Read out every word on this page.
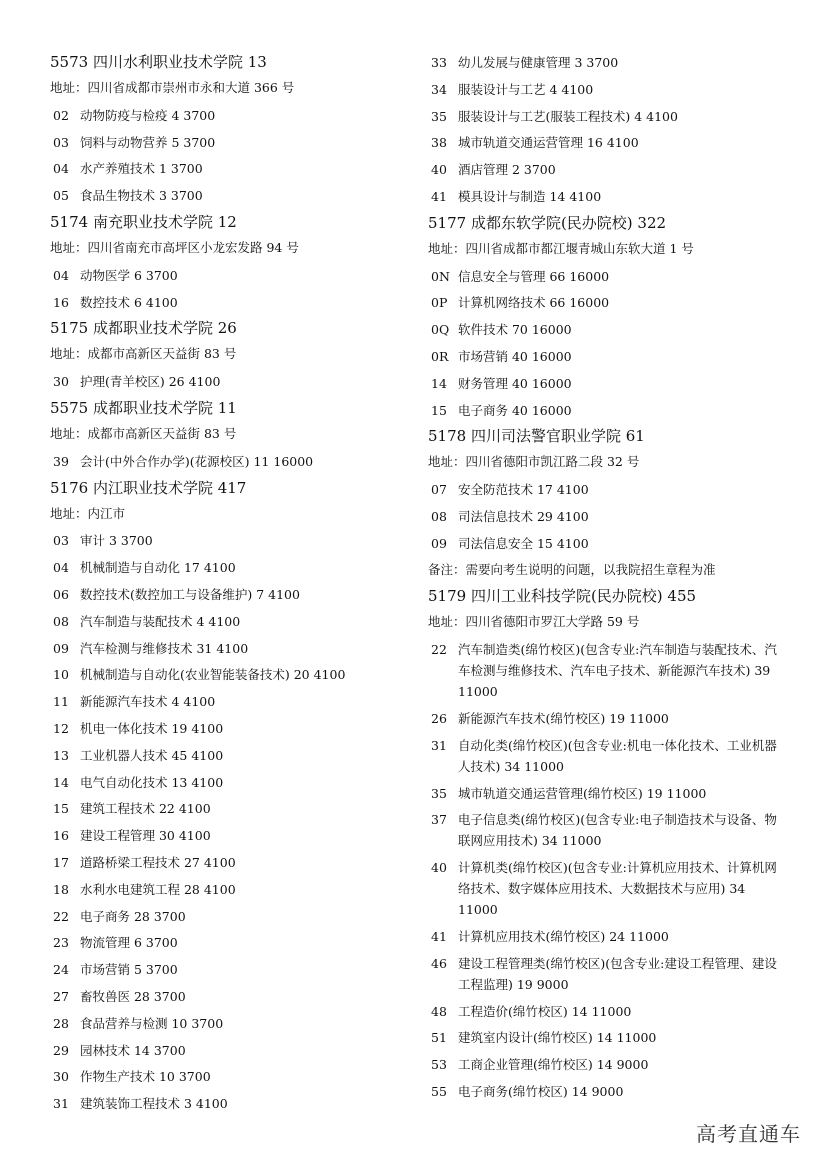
5573 四川水利职业技术学院 13
地址：四川省成都市崇州市永和大道 366 号
02 动物防疫与检疫 4 3700
03 饲料与动物营养 5 3700
04 水产养殖技术 1 3700
05 食品生物技术 3 3700
5174 南充职业技术学院 12
地址：四川省南充市高坪区小龙宏发路 94 号
04 动物医学 6 3700
16 数控技术 6 4100
5175 成都职业技术学院 26
地址：成都市高新区天益街 83 号
30 护理(青羊校区) 26 4100
5575 成都职业技术学院 11
地址：成都市高新区天益街 83 号
39 会计(中外合作办学)(花源校区) 11 16000
5176 内江职业技术学院 417
地址：内江市
03 审计 3 3700
04 机械制造与自动化 17 4100
06 数控技术(数控加工与设备维护) 7 4100
08 汽车制造与装配技术 4 4100
09 汽车检测与维修技术 31 4100
10 机械制造与自动化(农业智能装备技术) 20 4100
11 新能源汽车技术 4 4100
12 机电一体化技术 19 4100
13 工业机器人技术 45 4100
14 电气自动化技术 13 4100
15 建筑工程技术 22 4100
16 建设工程管理 30 4100
17 道路桥梁工程技术 27 4100
18 水利水电建筑工程 28 4100
22 电子商务 28 3700
23 物流管理 6 3700
24 市场营销 5 3700
27 畜牧兽医 28 3700
28 食品营养与检测 10 3700
29 园林技术 14 3700
30 作物生产技术 10 3700
31 建筑装饰工程技术 3 4100
33 幼儿发展与健康管理 3 3700
34 服装设计与工艺 4 4100
35 服装设计与工艺(服装工程技术) 4 4100
38 城市轨道交通运营管理 16 4100
40 酒店管理 2 3700
41 模具设计与制造 14 4100
5177 成都东软学院(民办院校) 322
地址：四川省成都市都江堰青城山东软大道 1 号
0N 信息安全与管理 66 16000
0P 计算机网络技术 66 16000
0Q 软件技术 70 16000
0R 市场营销 40 16000
14 财务管理 40 16000
15 电子商务 40 16000
5178 四川司法警官职业学院 61
地址：四川省德阳市凯江路二段 32 号
07 安全防范技术 17 4100
08 司法信息技术 29 4100
09 司法信息安全 15 4100
备注：需要向考生说明的问题，以我院招生章程为准
5179 四川工业科技学院(民办院校) 455
地址：四川省德阳市罗江大学路 59 号
22 汽车制造类(绵竹校区)(包含专业:汽车制造与装配技术、汽车检测与维修技术、汽车电子技术、新能源汽车技术) 39 11000
26 新能源汽车技术(绵竹校区) 19 11000
31 自动化类(绵竹校区)(包含专业:机电一体化技术、工业机器人技术) 34 11000
35 城市轨道交通运营管理(绵竹校区) 19 11000
37 电子信息类(绵竹校区)(包含专业:电子制造技术与设备、物联网应用技术) 34 11000
40 计算机类(绵竹校区)(包含专业:计算机应用技术、计算机网络技术、数字媒体应用技术、大数据技术与应用) 34 11000
41 计算机应用技术(绵竹校区) 24 11000
46 建设工程管理类(绵竹校区)(包含专业:建设工程管理、建设工程监理) 19 9000
48 工程造价(绵竹校区) 14 11000
51 建筑室内设计(绵竹校区) 14 11000
53 工商企业管理(绵竹校区) 14 9000
55 电子商务(绵竹校区) 14 9000
高考直通车
